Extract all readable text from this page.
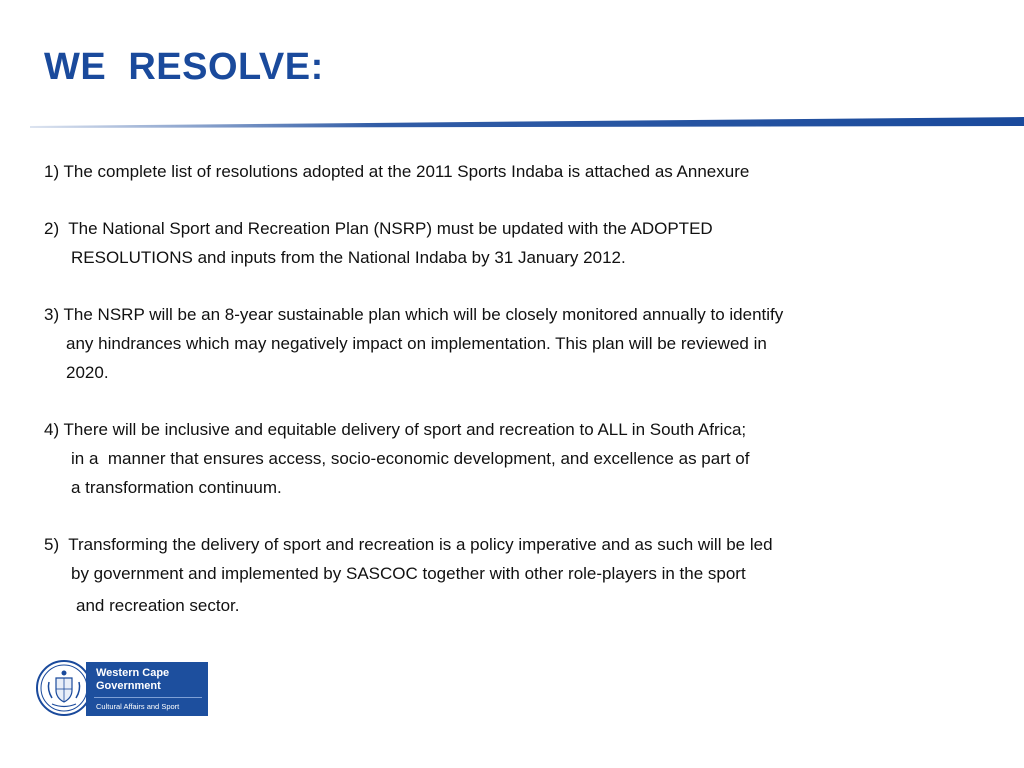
WE  RESOLVE:
1) The complete list of resolutions adopted at the 2011 Sports Indaba is attached as Annexure
2)  The National Sport and Recreation Plan (NSRP) must be updated with the ADOPTED
RESOLUTIONS and inputs from the National Indaba by 31 January 2012.
3) The NSRP will be an 8-year sustainable plan which will be closely monitored annually to identify
any hindrances which may negatively impact on implementation. This plan will be reviewed in
2020.
4) There will be inclusive and equitable delivery of sport and recreation to ALL in South Africa;
in a  manner that ensures access, socio-economic development, and excellence as part of
a transformation continuum.
5)  Transforming the delivery of sport and recreation is a policy imperative and as such will be led
by government and implemented by SASCOC together with other role-players in the sport
and recreation sector.
Western Cape Government
Cultural Affairs and Sport
